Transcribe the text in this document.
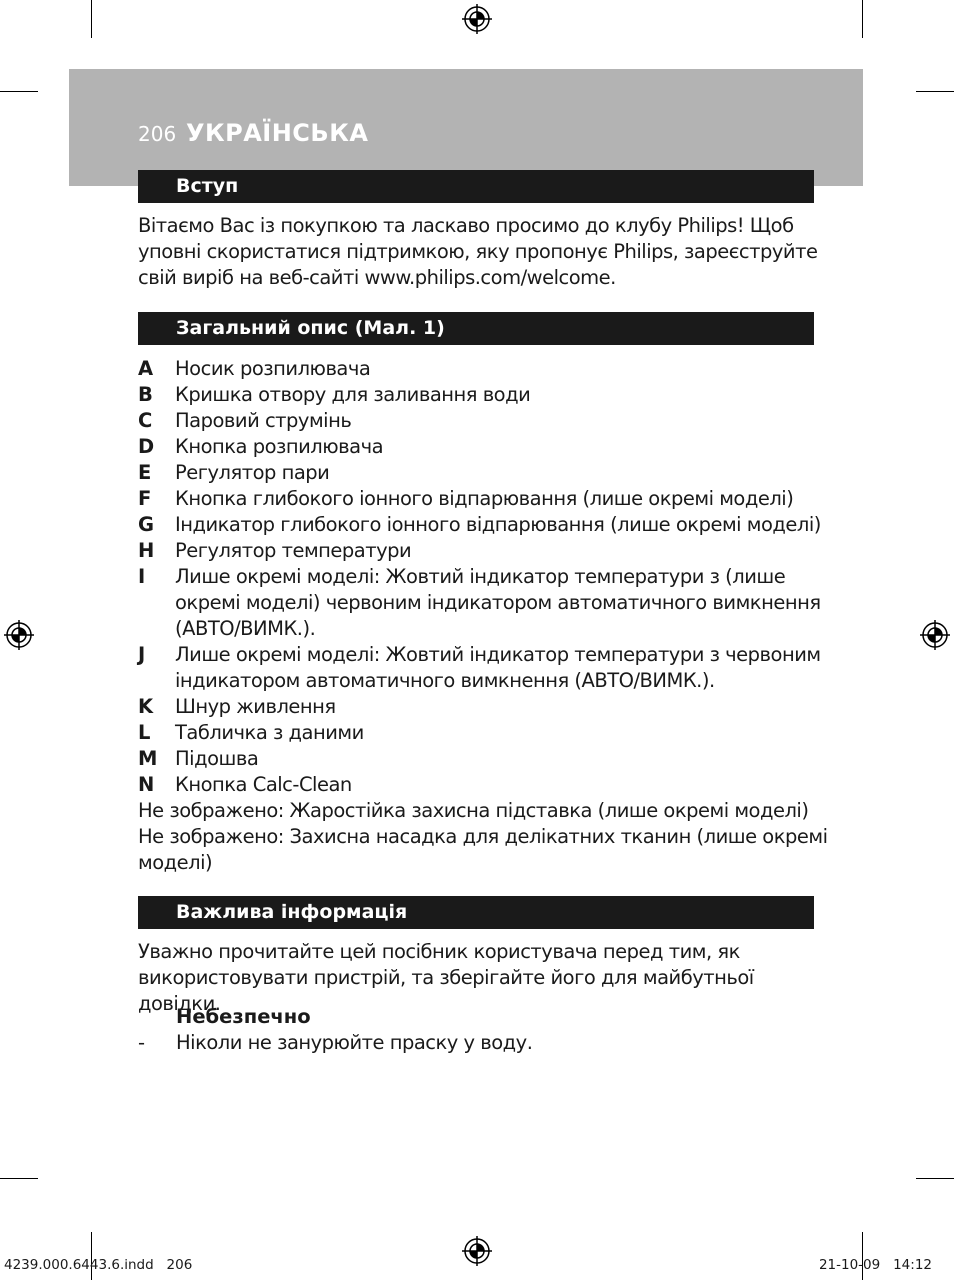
206 УКРАЇНСЬКА
Вступ

Вітаємо Вас із покупкою та ласкаво просимо до клубу Philips! Щоб уповні скористатися підтримкою, яку пропонує Philips, зареєструйте свій виріб на веб-сайті www.philips.com/welcome.

Загальний опис (Мал. 1)
A	Носик розпилювача
B	Кришка отвору для заливання води
C	Паровий струмінь
D	Кнопка розпилювача
E	Регулятор пари
F	Кнопка глибокого іонного відпарювання (лише окремі моделі)
G	Індикатор глибокого іонного відпарювання (лише окремі моделі)
H	Регулятор температури
I	Лише окремі моделі: Жовтий індикатор температури з (лише окремі моделі) червоним індикатором автоматичного вимкнення (АВТО/ВИМК.).
J	Лише окремі моделі: Жовтий індикатор температури з червоним індикатором автоматичного вимкнення (АВТО/ВИМК.).
K	Шнур живлення
L	Табличка з даними
M Підошва
N	Кнопка Calc-Clean
Не зображено: Жаростійка захисна підставка (лише окремі моделі)
Не зображено: Захисна насадка для делікатних тканин (лише окремі моделі)
Важлива інформація

Уважно прочитайте цей посібник користувача перед тим, як використовувати пристрій, та зберігайте його для майбутньої довідки.

Небезпечно
-	Ніколи не занурюйте праску у воду.
4239.000.6443.6.indd   206	21-10-09   14:12
